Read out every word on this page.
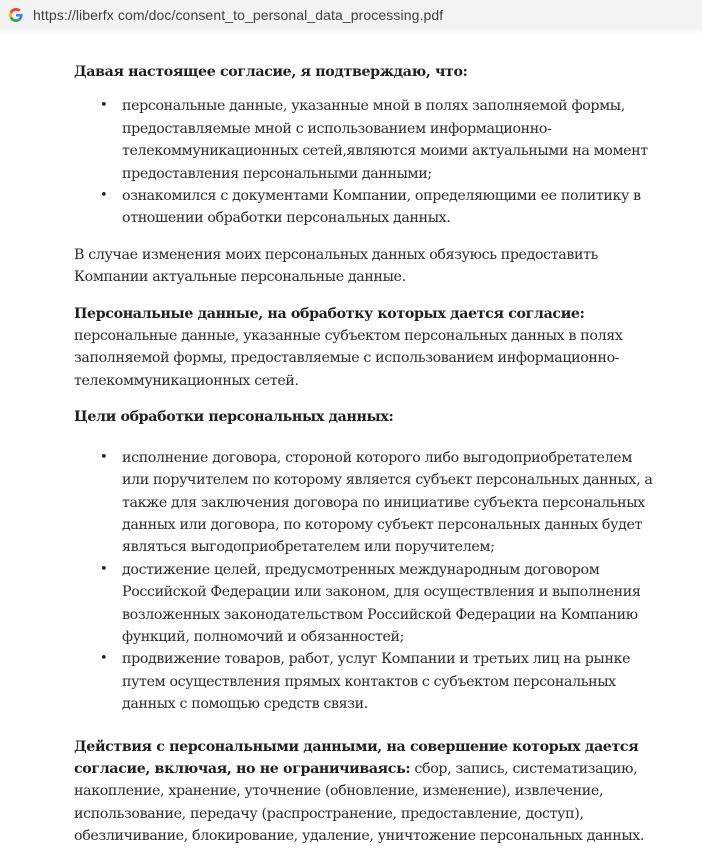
https://liberfx com/doc/consent_to_personal_data_processing.pdf

Давая настоящее согласие, я подтверждаю, что:

• персональные данные, указанные мной в полях заполняемой формы, предоставляемые мной с использованием информационно-телекоммуникационных сетей,являются моими актуальными на момент предоставления персональными данными;
• ознакомился с документами Компании, определяющими ее политику в отношении обработки персональных данных.

В случае изменения моих персональных данных обязуюсь предоставить Компании актуальные персональные данные.

Персональные данные, на обработку которых дается согласие: персональные данные, указанные субъектом персональных данных в полях заполняемой формы, предоставляемые с использованием информационно-телекоммуникационных сетей.

Цели обработки персональных данных:

• исполнение договора, стороной которого либо выгодоприобретателем или поручителем по которому является субъект персональных данных, а также для заключения договора по инициативе субъекта персональных данных или договора, по которому субъект персональных данных будет являться выгодоприобретателем или поручителем;
• достижение целей, предусмотренных международным договором Российской Федерации или законом, для осуществления и выполнения возложенных законодательством Российской Федерации на Компанию функций, полномочий и обязанностей;
• продвижение товаров, работ, услуг Компании и третьих лиц на рынке путем осуществления прямых контактов с субъектом персональных данных с помощью средств связи.

Действия с персональными данными, на совершение которых дается согласие, включая, но не ограничиваясь: сбор, запись, систематизацию, накопление, хранение, уточнение (обновление, изменение), извлечение, использование, передачу (распространение, предоставление, доступ), обезличивание, блокирование, удаление, уничтожение персональных данных.
